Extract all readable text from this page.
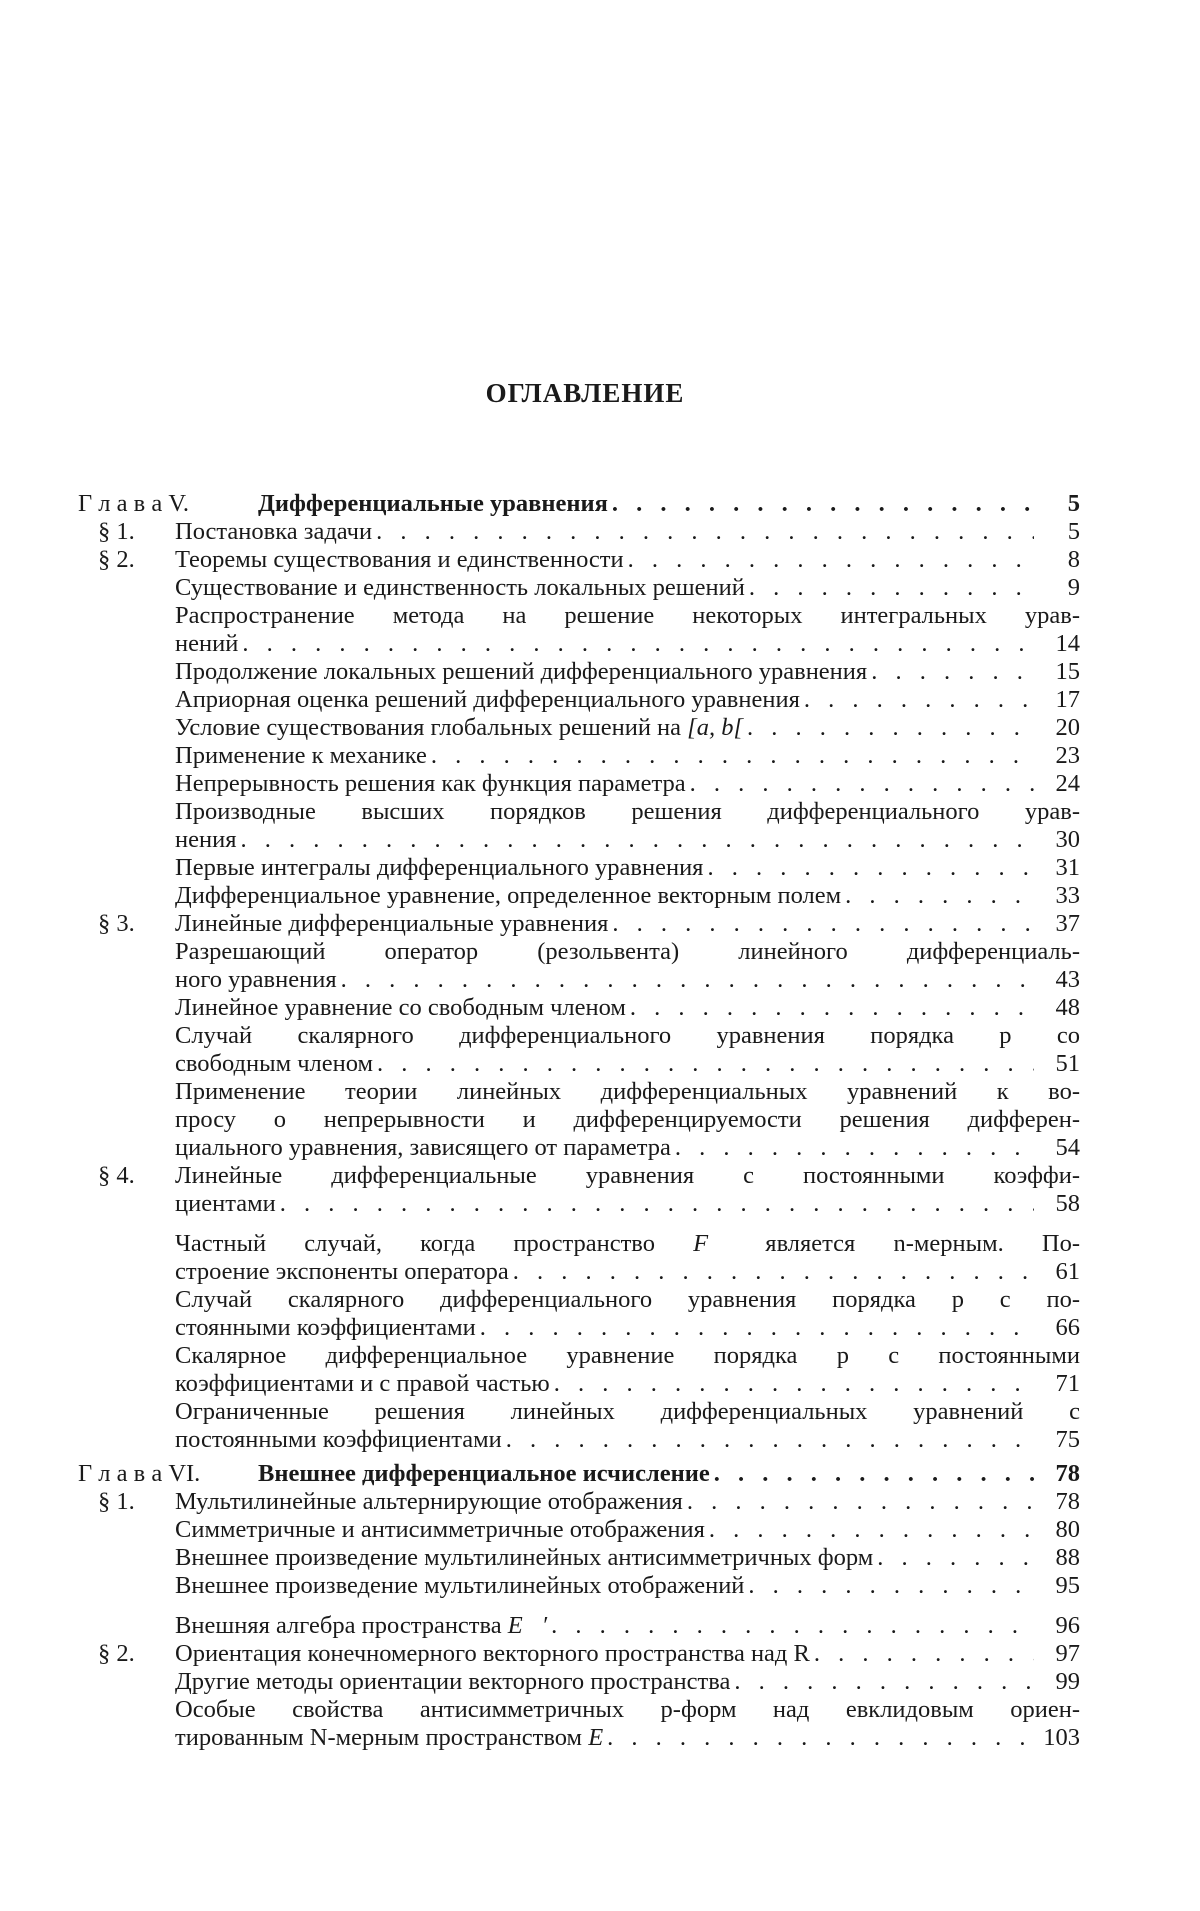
ОГЛАВЛЕНИЕ
Г л а в а V.	Дифференциальные уравнения . . .	5
§ 1. Постановка задачи . . .	5
§ 2. Теоремы существования и единственности . . .	8
Существование и единственность локальных решений . . .	9
Распространение метода на решение некоторых интегральных урав-
нений . . .	14
Продолжение локальных решений дифференциального уравнения . . .	15
Априорная оценка решений дифференциального уравнения . . .	17
Условие существования глобальных решений на [a, b[ . . .	20
Применение к механике . . .	23
Непрерывность решения как функция параметра . . .	24
Производные высших порядков решения дифференциального урав-
нения . . .	30
Первые интегралы дифференциального уравнения . . .	31
Дифференциальное уравнение, определенное векторным полем . . .	33
§ 3. Линейные дифференциальные уравнения . . .	37
Разрешающий оператор (резольвента) линейного дифференциаль-
ного уравнения . . .	43
Линейное уравнение со свободным членом . . .	48
Случай скалярного дифференциального уравнения порядка p со
свободным членом . . .	51
Применение теории линейных дифференциальных уравнений к во-
просу о непрерывности и дифференцируемости решения дифферен-
циального уравнения, зависящего от параметра . . .	54
§ 4. Линейные дифференциальные уравнения с постоянными коэффи-
циентами . . .	58
Частный случай, когда пространство F⃗ является n-мерным. По-
строение экспоненты оператора . . .	61
Случай скалярного дифференциального уравнения порядка p с по-
стоянными коэффициентами . . .	66
Скалярное дифференциальное уравнение порядка p с постоянными
коэффициентами и с правой частью . . .	71
Ограниченные решения линейных дифференциальных уравнений с
постоянными коэффициентами . . .	75
Г л а в а VI. Внешнее дифференциальное исчисление . . .	78
§ 1. Мультилинейные альтернирующие отображения . . .	78
Симметричные и антисимметричные отображения . . .	80
Внешнее произведение мультилинейных антисимметричных форм . . .	88
Внешнее произведение мультилинейных отображений . . .	95
Внешняя алгебра пространства E⃗′ . . .	96
§ 2. Ориентация конечномерного векторного пространства над R . . .	97
Другие методы ориентации векторного пространства . . .	99
Особые свойства антисимметричных p-форм над евклидовым ориен-
тированным N-мерным пространством E . . .	103
